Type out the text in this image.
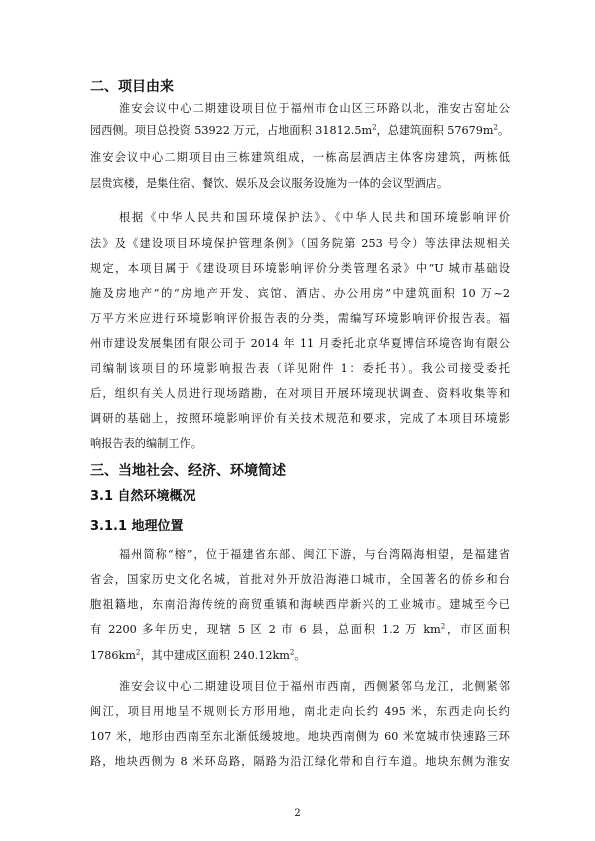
二、项目由来
淮安会议中心二期建设项目位于福州市仓山区三环路以北，淮安古窑址公
园西侧。项目总投资 53922 万元，占地面积 $31812.5m^2$，总建筑面积 $57679m^2$。
淮安会议中心二期项目由三栋建筑组成，一栋高层酒店主体客房建筑，两栋低
层贵宾楼，是集住宿、餐饮、娱乐及会议服务设施为一体的会议型酒店。
根据《中华人民共和国环境保护法》、《中华人民共和国环境影响评价
法》及《建设项目环境保护管理条例》（国务院第 253 号令）等法律法规相关
规定，本项目属于《建设项目环境影响评价分类管理名录》中“U 城市基础设
施及房地产”的“房地产开发、宾馆、酒店、办公用房”中建筑面积 10 万~2
万平方米应进行环境影响评价报告表的分类，需编写环境影响评价报告表。福
州市建设发展集团有限公司于 2014 年 11 月委托北京华夏博信环境咨询有限公
司编制该项目的环境影响报告表（详见附件 1：委托书）。我公司接受委托
后，组织有关人员进行现场踏勘，在对项目开展环境现状调查、资料收集等和
调研的基础上，按照环境影响评价有关技术规范和要求，完成了本项目环境影
响报告表的编制工作。
三、当地社会、经济、环境简述
3.1 自然环境概况
3.1.1 地理位置
福州简称“榕”，位于福建省东部、闽江下游，与台湾隔海相望，是福建省
省会，国家历史文化名城，首批对外开放沿海港口城市，全国著名的侨乡和台
胞祖籍地，东南沿海传统的商贸重镇和海峡西岸新兴的工业城市。建城至今已
有 2200 多年历史，现辖 5 区 2 市 6 县，总面积 1.2 万 $km^2$，市区面积
$1786km^2$，其中建成区面积 $240.12km^2$。
淮安会议中心二期建设项目位于福州市西南，西侧紧邻乌龙江，北侧紧邻
闽江，项目用地呈不规则长方形用地，南北走向长约 495 米，东西走向长约
107 米，地形由西南至东北渐低缓坡地。地块西南侧为 60 米宽城市快速路三环
路，地块西侧为 8 米环岛路，隔路为沿江绿化带和自行车道。地块东侧为淮安
2
